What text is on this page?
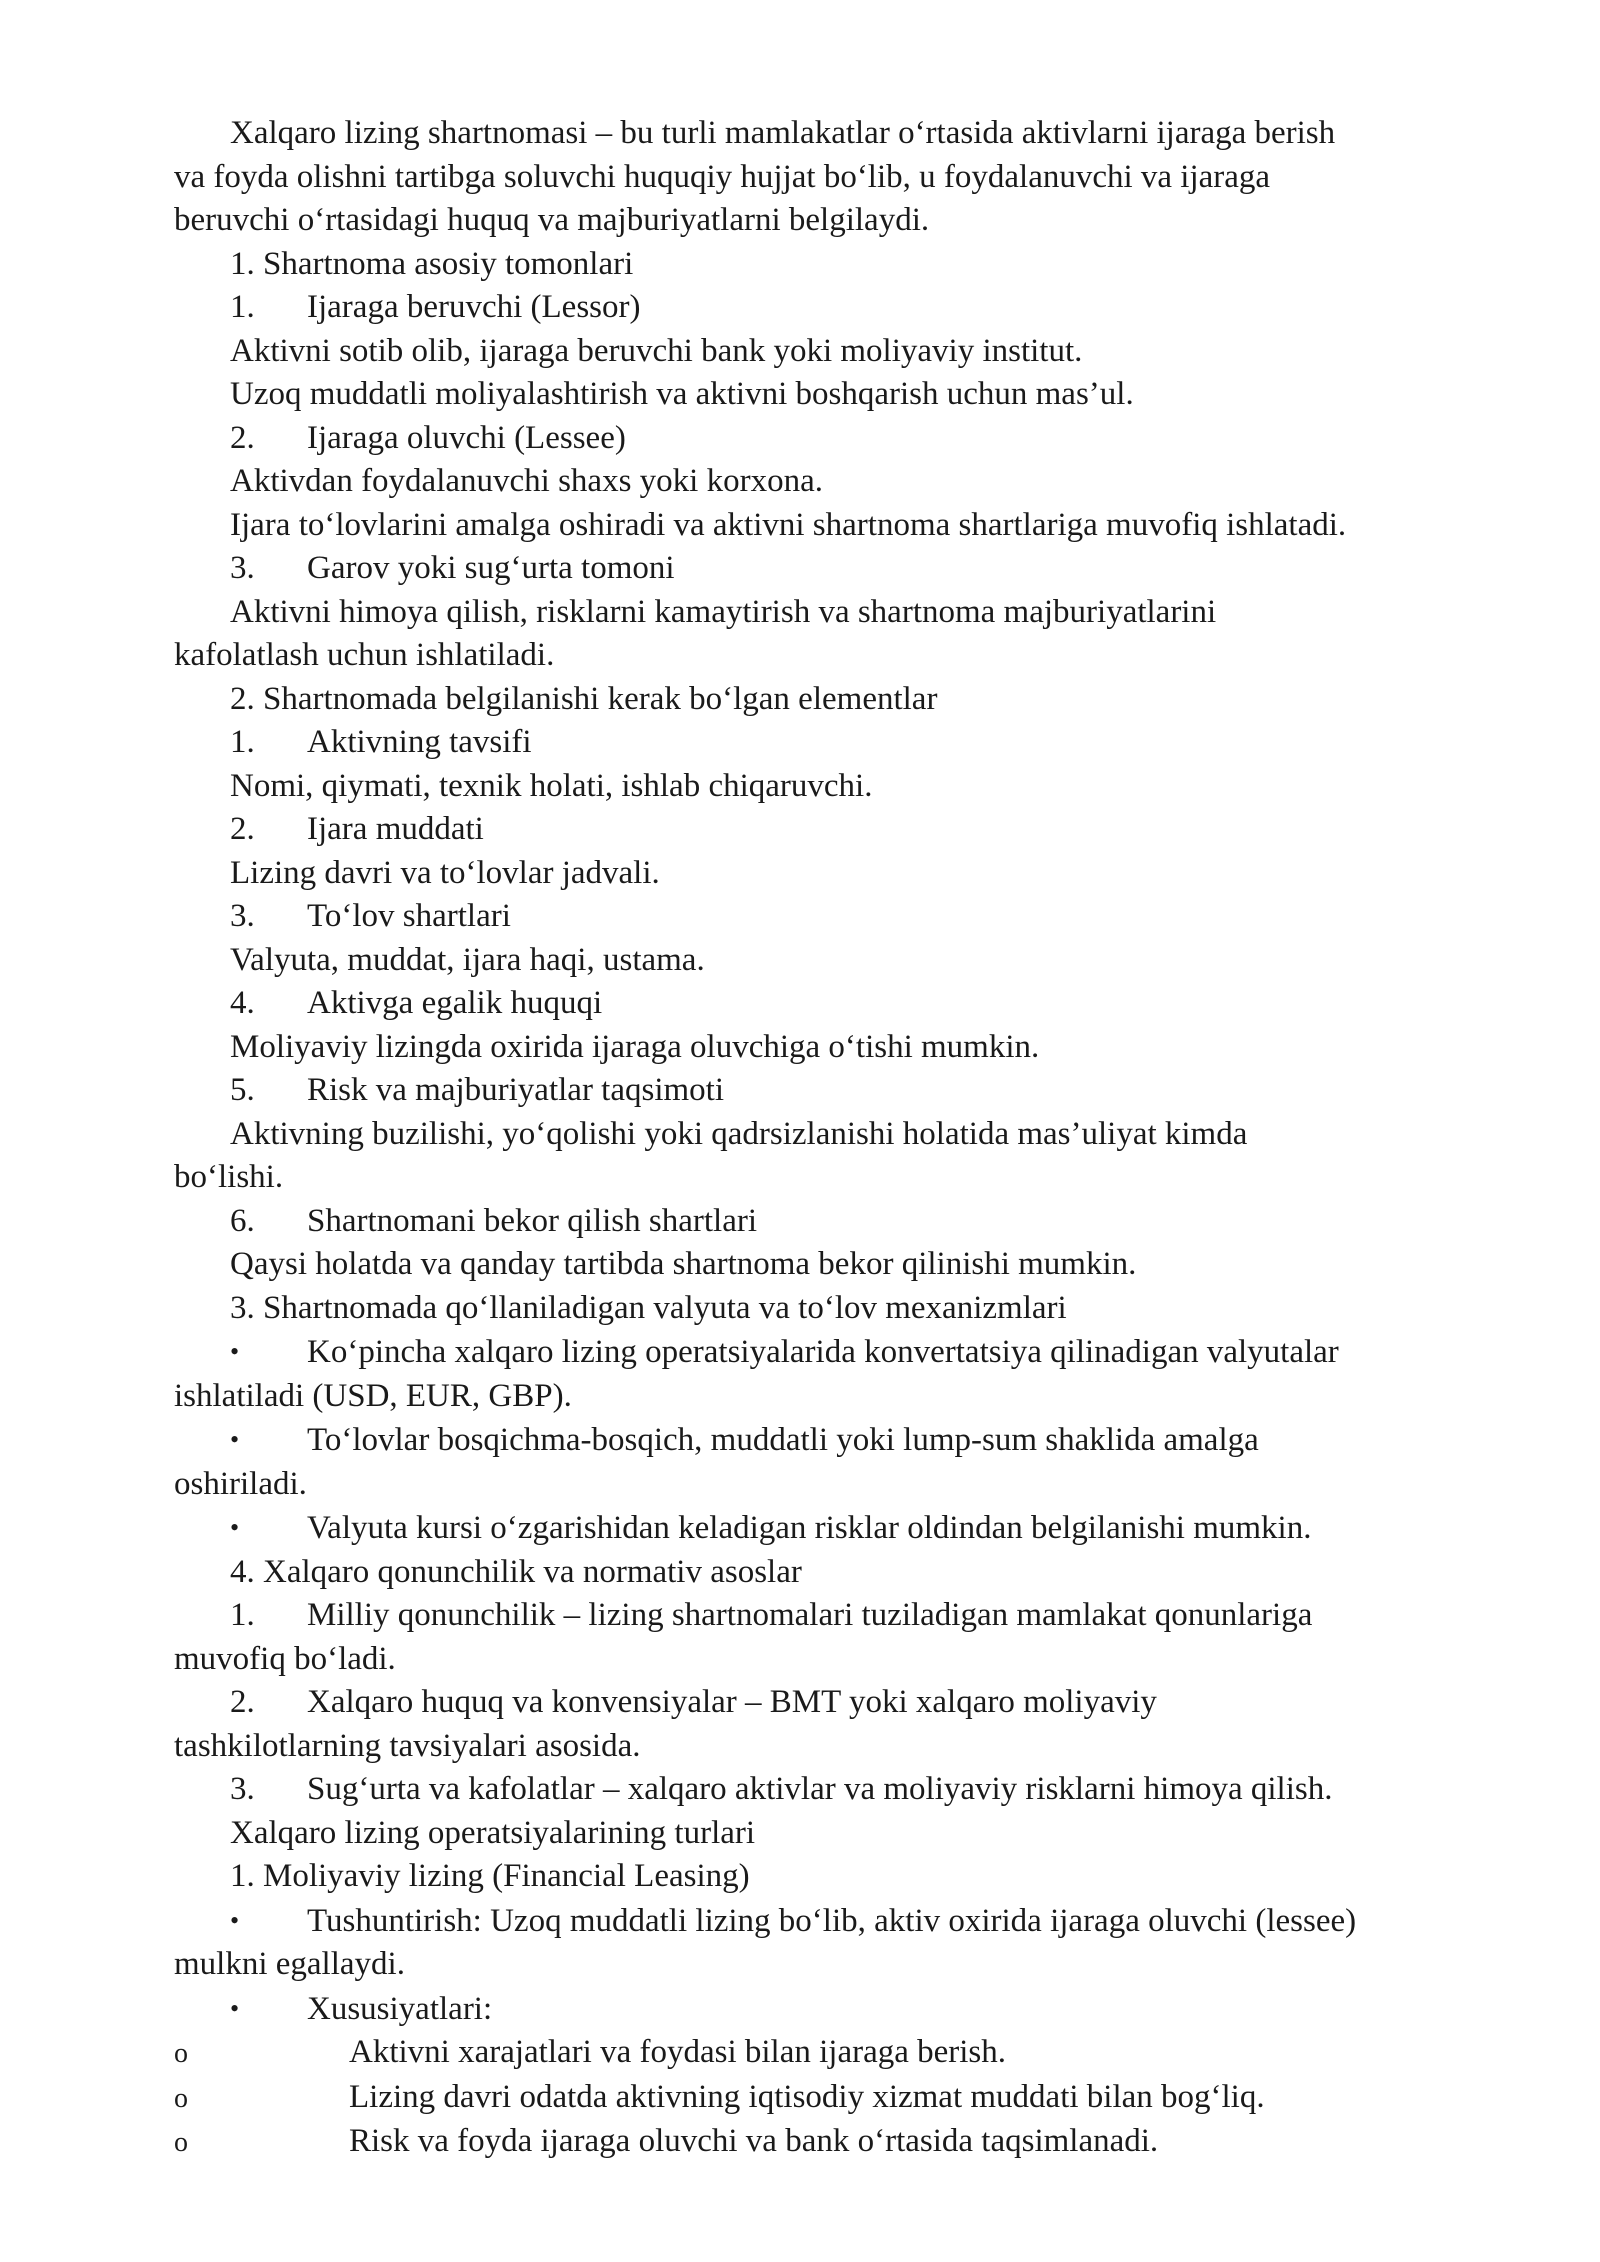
Xalqaro lizing shartnomasi – bu turli mamlakatlar o‘rtasida aktivlarni ijaraga berish
va foyda olishni tartibga soluvchi huquqiy hujjat bo‘lib, u foydalanuvchi va ijaraga
beruvchi o‘rtasidagi huquq va majburiyatlarni belgilaydi.
1. Shartnoma asosiy tomonlari
1. Ijaraga beruvchi (Lessor)
Aktivni sotib olib, ijaraga beruvchi bank yoki moliyaviy institut.
Uzoq muddatli moliyalashtirish va aktivni boshqarish uchun mas’ul.
2. Ijaraga oluvchi (Lessee)
Aktivdan foydalanuvchi shaxs yoki korxona.
Ijara to‘lovlarini amalga oshiradi va aktivni shartnoma shartlariga muvofiq ishlatadi.
3. Garov yoki sug‘urta tomoni
Aktivni himoya qilish, risklarni kamaytirish va shartnoma majburiyatlarini
kafolatlash uchun ishlatiladi.
2. Shartnomada belgilanishi kerak bo‘lgan elementlar
1. Aktivning tavsifi
Nomi, qiymati, texnik holati, ishlab chiqaruvchi.
2. Ijara muddati
Lizing davri va to‘lovlar jadvali.
3. To‘lov shartlari
Valyuta, muddat, ijara haqi, ustama.
4. Aktivga egalik huquqi
Moliyaviy lizingda oxirida ijaraga oluvchiga o‘tishi mumkin.
5. Risk va majburiyatlar taqsimoti
Aktivning buzilishi, yo‘qolishi yoki qadrsizlanishi holatida mas’uliyat kimda
bo‘lishi.
6. Shartnomani bekor qilish shartlari
Qaysi holatda va qanday tartibda shartnoma bekor qilinishi mumkin.
3. Shartnomada qo‘llaniladigan valyuta va to‘lov mexanizmlari
• Ko‘pincha xalqaro lizing operatsiyalarida konvertatsiya qilinadigan valyutalar
ishlatiladi (USD, EUR, GBP).
• To‘lovlar bosqichma-bosqich, muddatli yoki lump-sum shaklida amalga
oshiriladi.
• Valyuta kursi o‘zgarishidan keladigan risklar oldindan belgilanishi mumkin.
4. Xalqaro qonunchilik va normativ asoslar
1. Milliy qonunchilik – lizing shartnomalari tuziladigan mamlakat qonunlariga
muvofiq bo‘ladi.
2. Xalqaro huquq va konvensiyalar – BMT yoki xalqaro moliyaviy
tashkilotlarning tavsiyalari asosida.
3. Sug‘urta va kafolatlar – xalqaro aktivlar va moliyaviy risklarni himoya qilish.
Xalqaro lizing operatsiyalarining turlari
1. Moliyaviy lizing (Financial Leasing)
• Tushuntirish: Uzoq muddatli lizing bo‘lib, aktiv oxirida ijaraga oluvchi (lessee)
mulkni egallaydi.
• Xususiyatlari:
o	Aktivni xarajatlari va foydasi bilan ijaraga berish.
o	Lizing davri odatda aktivning iqtisodiy xizmat muddati bilan bog‘liq.
o	Risk va foyda ijaraga oluvchi va bank o‘rtasida taqsimlanadi.
